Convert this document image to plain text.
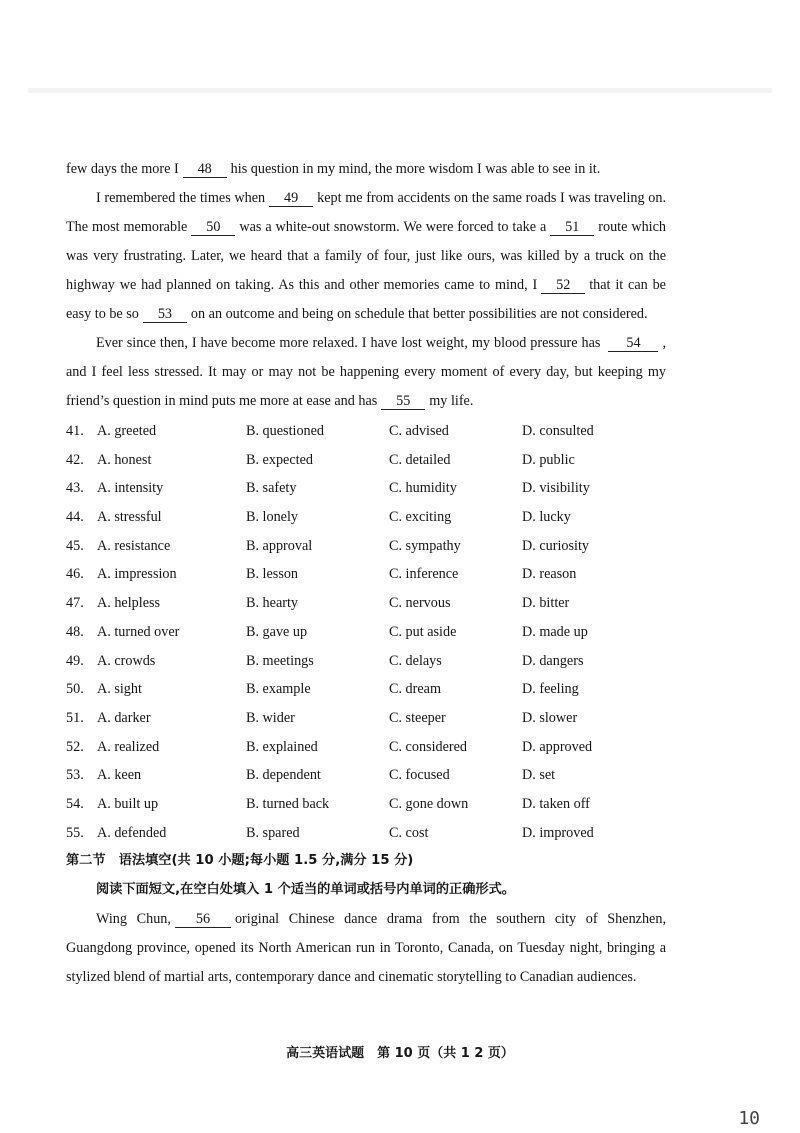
few days the more I 48 his question in my mind, the more wisdom I was able to see in it.

I remembered the times when 49 kept me from accidents on the same roads I was traveling on. The most memorable 50 was a white-out snowstorm. We were forced to take a 51 route which was very frustrating. Later, we heard that a family of four, just like ours, was killed by a truck on the highway we had planned on taking. As this and other memories came to mind, I 52 that it can be easy to be so 53 on an outcome and being on schedule that better possibilities are not considered.

Ever since then, I have become more relaxed. I have lost weight, my blood pressure has 54 , and I feel less stressed. It may or may not be happening every moment of every day, but keeping my friend’s question in mind puts me more at ease and has 55 my life.

41. A. greeted	B. questioned	C. advised	D. consulted
42. A. honest	B. expected	C. detailed	D. public
43. A. intensity	B. safety	C. humidity	D. visibility
44. A. stressful	B. lonely	C. exciting	D. lucky
45. A. resistance	B. approval	C. sympathy	D. curiosity
46. A. impression	B. lesson	C. inference	D. reason
47. A. helpless	B. hearty	C. nervous	D. bitter
48. A. turned over	B. gave up	C. put aside	D. made up
49. A. crowds	B. meetings	C. delays	D. dangers
50. A. sight	B. example	C. dream	D. feeling
51. A. darker	B. wider	C. steeper	D. slower
52. A. realized	B. explained	C. considered	D. approved
53. A. keen	B. dependent	C. focused	D. set
54. A. built up	B. turned back	C. gone down	D. taken off
55. A. defended	B. spared	C. cost	D. improved

第二节　语法填空(共 10 小题;每小题 1.5 分,满分 15 分)

阅读下面短文,在空白处填入 1 个适当的单词或括号内单词的正确形式。

Wing Chun, 56 original Chinese dance drama from the southern city of Shenzhen, Guangdong province, opened its North American run in Toronto, Canada, on Tuesday night, bringing a stylized blend of martial arts, contemporary dance and cinematic storytelling to Canadian audiences.

高三英语试题　第 10 页（共 1 2 页）
10
